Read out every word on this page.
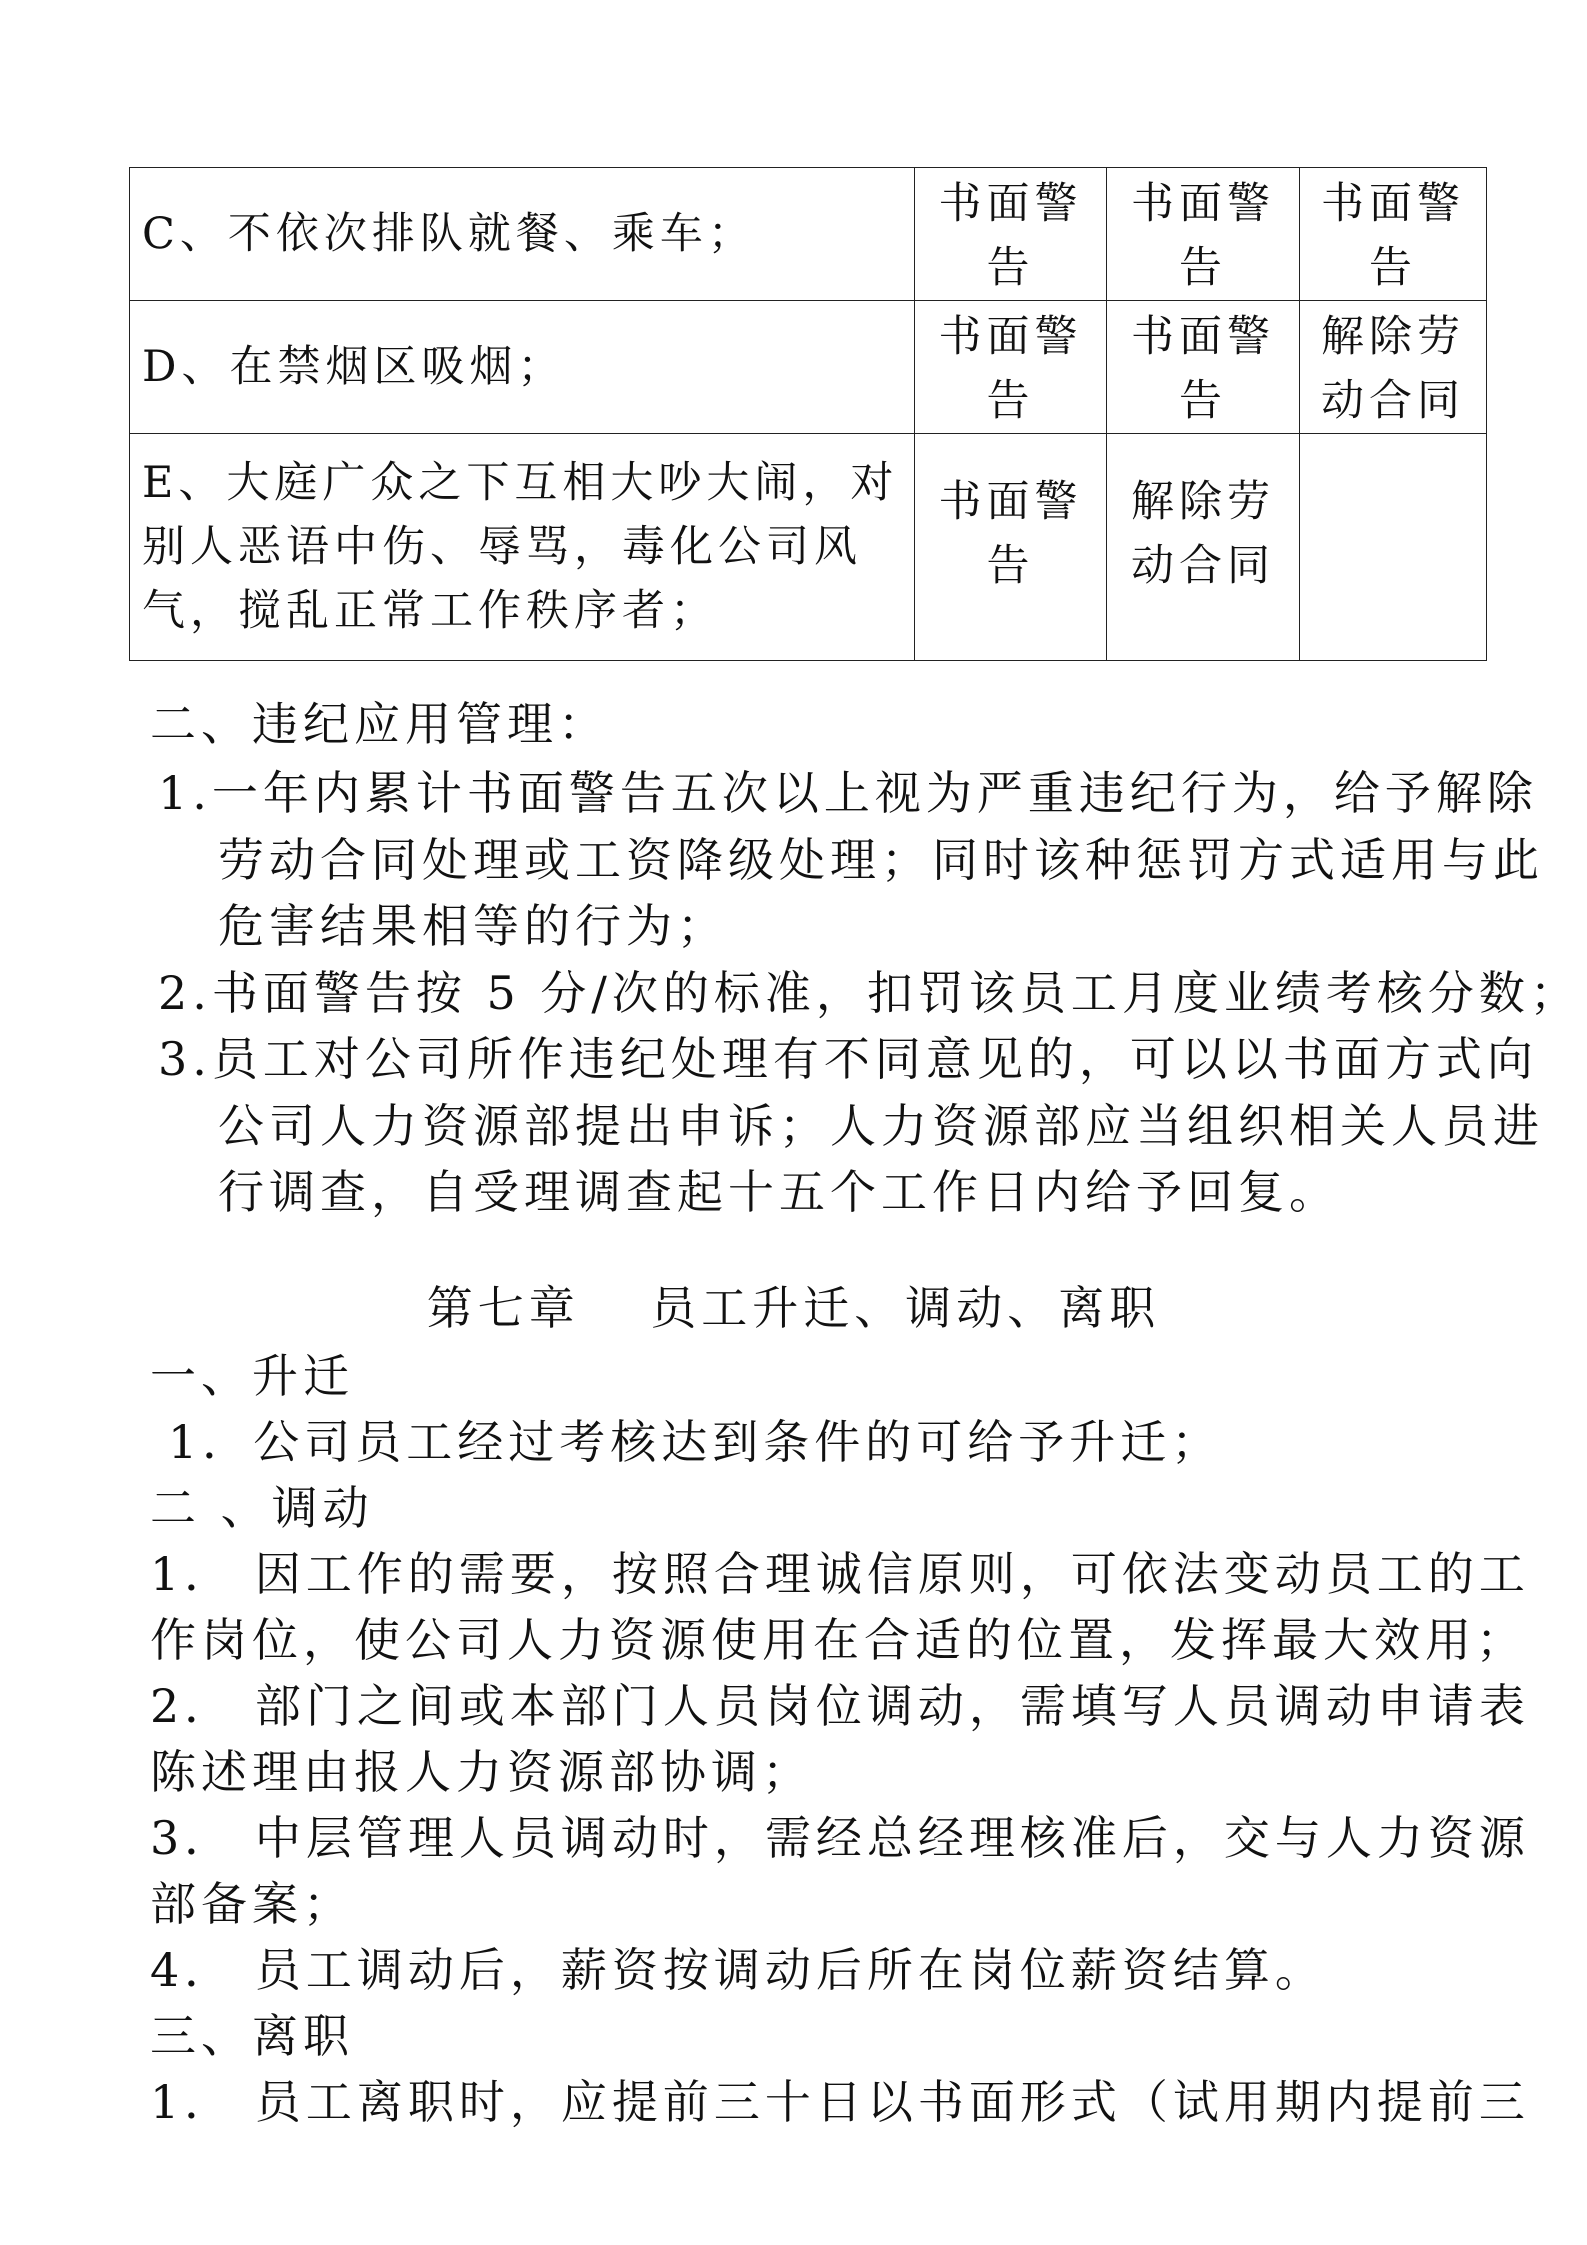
C、不依次排队就餐、乘车；	书面警告	书面警告	书面警告
D、在禁烟区吸烟；	书面警告	书面警告	解除劳动合同
E、大庭广众之下互相大吵大闹，对别人恶语中伤、辱骂，毒化公司风气，搅乱正常工作秩序者；	书面警告	解除劳动合同	
二、违纪应用管理：
1.一年内累计书面警告五次以上视为严重违纪行为，给予解除
劳动合同处理或工资降级处理；同时该种惩罚方式适用与此
危害结果相等的行为；
2.书面警告按 5 分/次的标准，扣罚该员工月度业绩考核分数；
3.员工对公司所作违纪处理有不同意见的，可以以书面方式向
公司人力资源部提出申诉；人力资源部应当组织相关人员进
行调查，自受理调查起十五个工作日内给予回复。
第七章　 员工升迁、调动、离职
一、升迁
1．公司员工经过考核达到条件的可给予升迁；
二 、调动
1． 因工作的需要，按照合理诚信原则，可依法变动员工的工
作岗位，使公司人力资源使用在合适的位置，发挥最大效用；
2． 部门之间或本部门人员岗位调动，需填写人员调动申请表
陈述理由报人力资源部协调；
3． 中层管理人员调动时，需经总经理核准后，交与人力资源
部备案；
4． 员工调动后，薪资按调动后所在岗位薪资结算。
三、离职
1． 员工离职时，应提前三十日以书面形式（试用期内提前三
